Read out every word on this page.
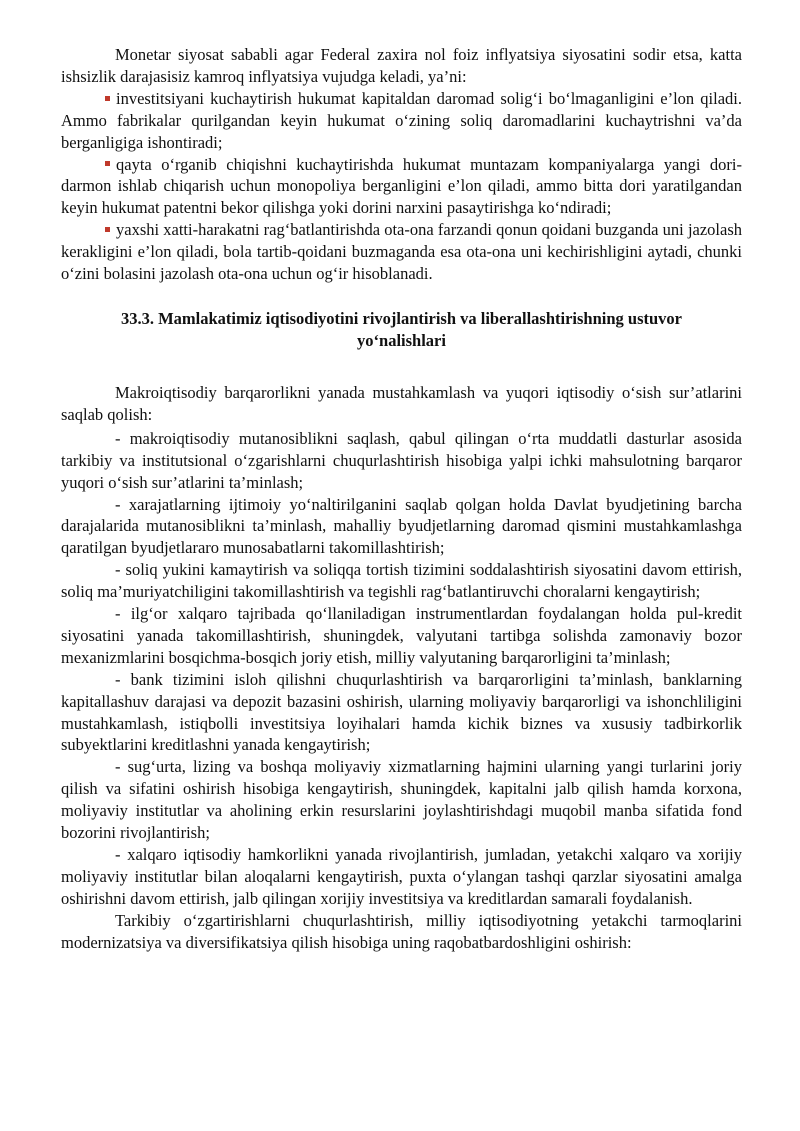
Monetar siyosat sababli agar Federal zaxira nol foiz inflyatsiya siyosatini sodir etsa, katta ishsizlik darajasisiz kamroq inflyatsiya vujudga keladi, ya’ni:

investitsiyani kuchaytirish hukumat kapitaldan daromad solig‘i bo‘lmaganligini e’lon qiladi. Ammo fabrikalar qurilgandan keyin hukumat o‘zining soliq daromadlarini kuchaytrishni va’da berganligiga ishontiradi;

qayta o‘rganib chiqishni kuchaytirishda hukumat muntazam kompaniyalarga yangi dori-darmon ishlab chiqarish uchun monopoliya berganligini e’lon qiladi, ammo bitta dori yaratilgandan keyin hukumat patentni bekor qilishga yoki dorini narxini pasaytirishga ko‘ndiradi;

yaxshi xatti-harakatni rag‘batlantirishda ota-ona farzandi qonun qoidani buzganda uni jazolash kerakligini e’lon qiladi, bola tartib-qoidani buzmaganda esa ota-ona uni kechirishligini aytadi, chunki o‘zini bolasini jazolash ota-ona uchun og‘ir hisoblanadi.

33.3. Mamlakatimiz iqtisodiyotini rivojlantirish va liberallashtirishning ustuvor
yo‘nalishlari

Makroiqtisodiy barqarorlikni yanada mustahkamlash va yuqori iqtisodiy o‘sish sur’atlarini saqlab qolish:

- makroiqtisodiy mutanosiblikni saqlash, qabul qilingan o‘rta muddatli dasturlar asosida tarkibiy va institutsional o‘zgarishlarni chuqurlashtirish hisobiga yalpi ichki mahsulotning barqaror yuqori o‘sish sur’atlarini ta’minlash;

- xarajatlarning ijtimoiy yo‘naltirilganini saqlab qolgan holda Davlat byudjetining barcha darajalarida mutanosiblikni ta’minlash, mahalliy byudjetlarning daromad qismini mustahkamlashga qaratilgan byudjetlararo munosabatlarni takomillashtirish;

- soliq yukini kamaytirish va soliqqa tortish tizimini soddalashtirish siyosatini davom ettirish, soliq ma’muriyatchiligini takomillashtirish va tegishli rag‘batlantiruvchi choralarni kengaytirish;

- ilg‘or xalqaro tajribada qo‘llaniladigan instrumentlardan foydalangan holda pul-kredit siyosatini yanada takomillashtirish, shuningdek, valyutani tartibga solishda zamonaviy bozor mexanizmlarini bosqichma-bosqich joriy etish, milliy valyutaning barqarorligini ta’minlash;

- bank tizimini isloh qilishni chuqurlashtirish va barqarorligini ta’minlash, banklarning kapitallashuv darajasi va depozit bazasini oshirish, ularning moliyaviy barqarorligi va ishonchliligini mustahkamlash, istiqbolli investitsiya loyihalari hamda kichik biznes va xususiy tadbirkorlik subyektlarini kreditlashni yanada kengaytirish;

- sug‘urta, lizing va boshqa moliyaviy xizmatlarning hajmini ularning yangi turlarini joriy qilish va sifatini oshirish hisobiga kengaytirish, shuningdek, kapitalni jalb qilish hamda korxona, moliyaviy institutlar va aholining erkin resurslarini joylashtirishdagi muqobil manba sifatida fond bozorini rivojlantirish;

- xalqaro iqtisodiy hamkorlikni yanada rivojlantirish, jumladan, yetakchi xalqaro va xorijiy moliyaviy institutlar bilan aloqalarni kengaytirish, puxta o‘ylangan tashqi qarzlar siyosatini amalga oshirishni davom ettirish, jalb qilingan xorijiy investitsiya va kreditlardan samarali foydalanish.

Tarkibiy o‘zgartirishlarni chuqurlashtirish, milliy iqtisodiyotning yetakchi tarmoqlarini modernizatsiya va diversifikatsiya qilish hisobiga uning raqobatbardoshligini oshirish:
